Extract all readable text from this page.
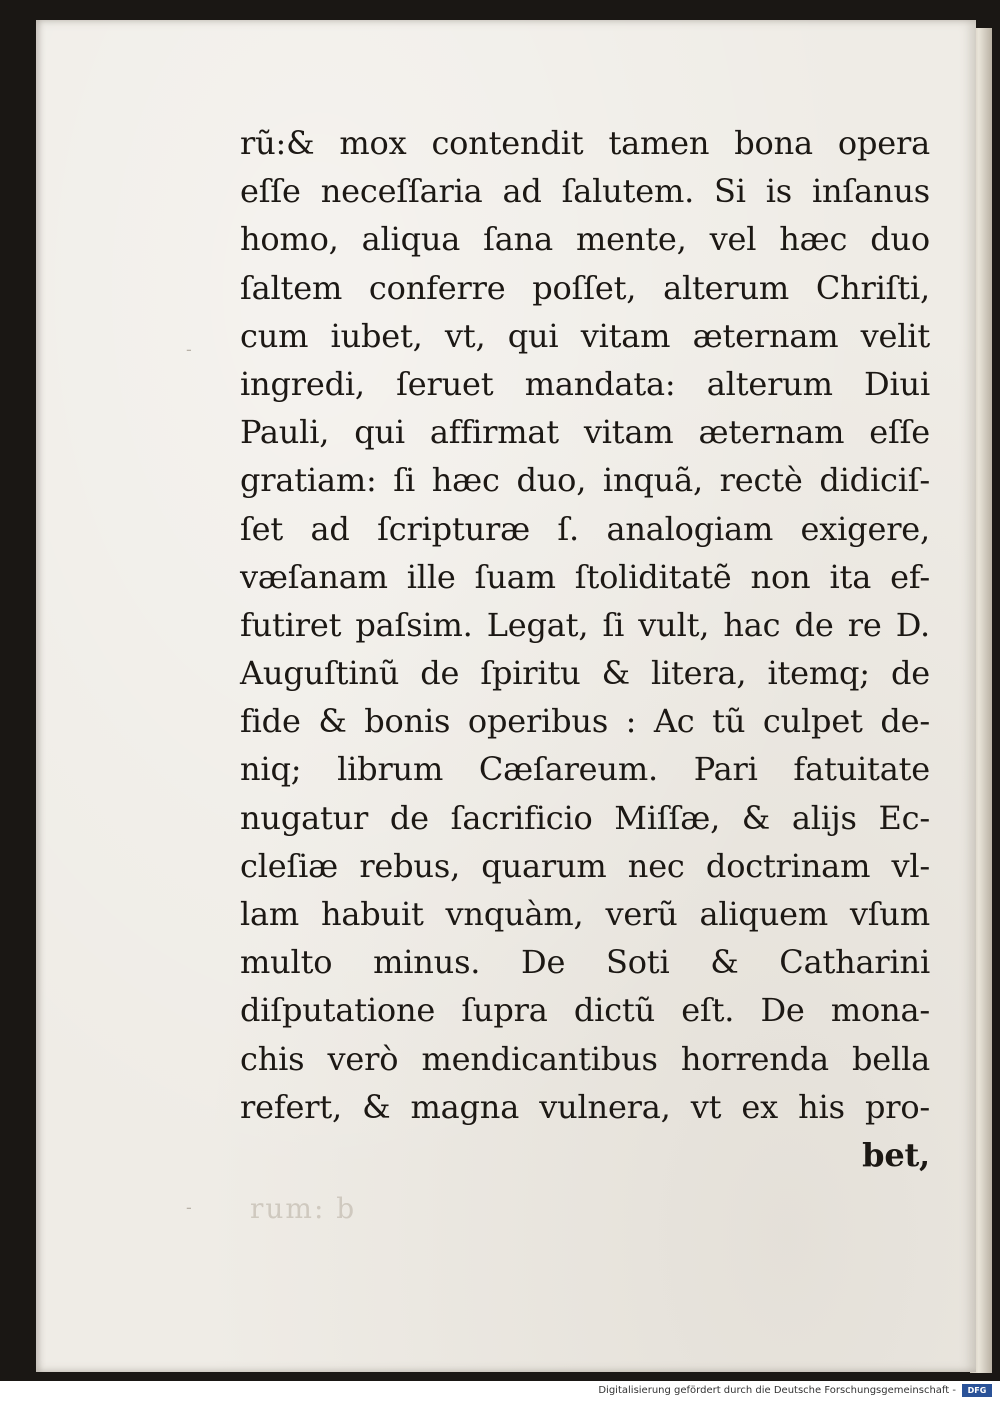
-
-
rũ:& mox contendit tamen bona opera
eſſe neceſſaria ad ſalutem. Si is inſanus
homo, aliqua ſana mente, vel hæc duo
ſaltem conferre poſſet, alterum Chriſti,
cum iubet, vt, qui vitam æternam velit
ingredi, ſeruet mandata: alterum Diui
Pauli, qui affirmat vitam æternam eſſe
gratiam: ſi hæc duo, inquã, rectè didiciſ-
ſet ad ſcripturæ ſ. analogiam exigere,
væſanam ille ſuam ſtoliditatẽ non ita ef-
futiret paſsim. Legat, ſi vult, hac de re D.
Auguſtinũ de ſpiritu & litera, itemq; de
fide & bonis operibus : Ac tũ culpet de-
niq; librum Cæſareum. Pari fatuitate
nugatur de ſacrificio Miſſæ, & alijs Ec-
cleſiæ rebus, quarum nec doctrinam vl-
lam habuit vnquàm, verũ aliquem vſum
multo minus. De Soti & Catharini
diſputatione ſupra dictũ eſt. De mona-
chis verò mendicantibus horrenda bella
refert, & magna vulnera, vt ex his pro-
bet,
rum: b
Digitalisierung gefördert durch die Deutsche Forschungsgemeinschaft -	DFG
